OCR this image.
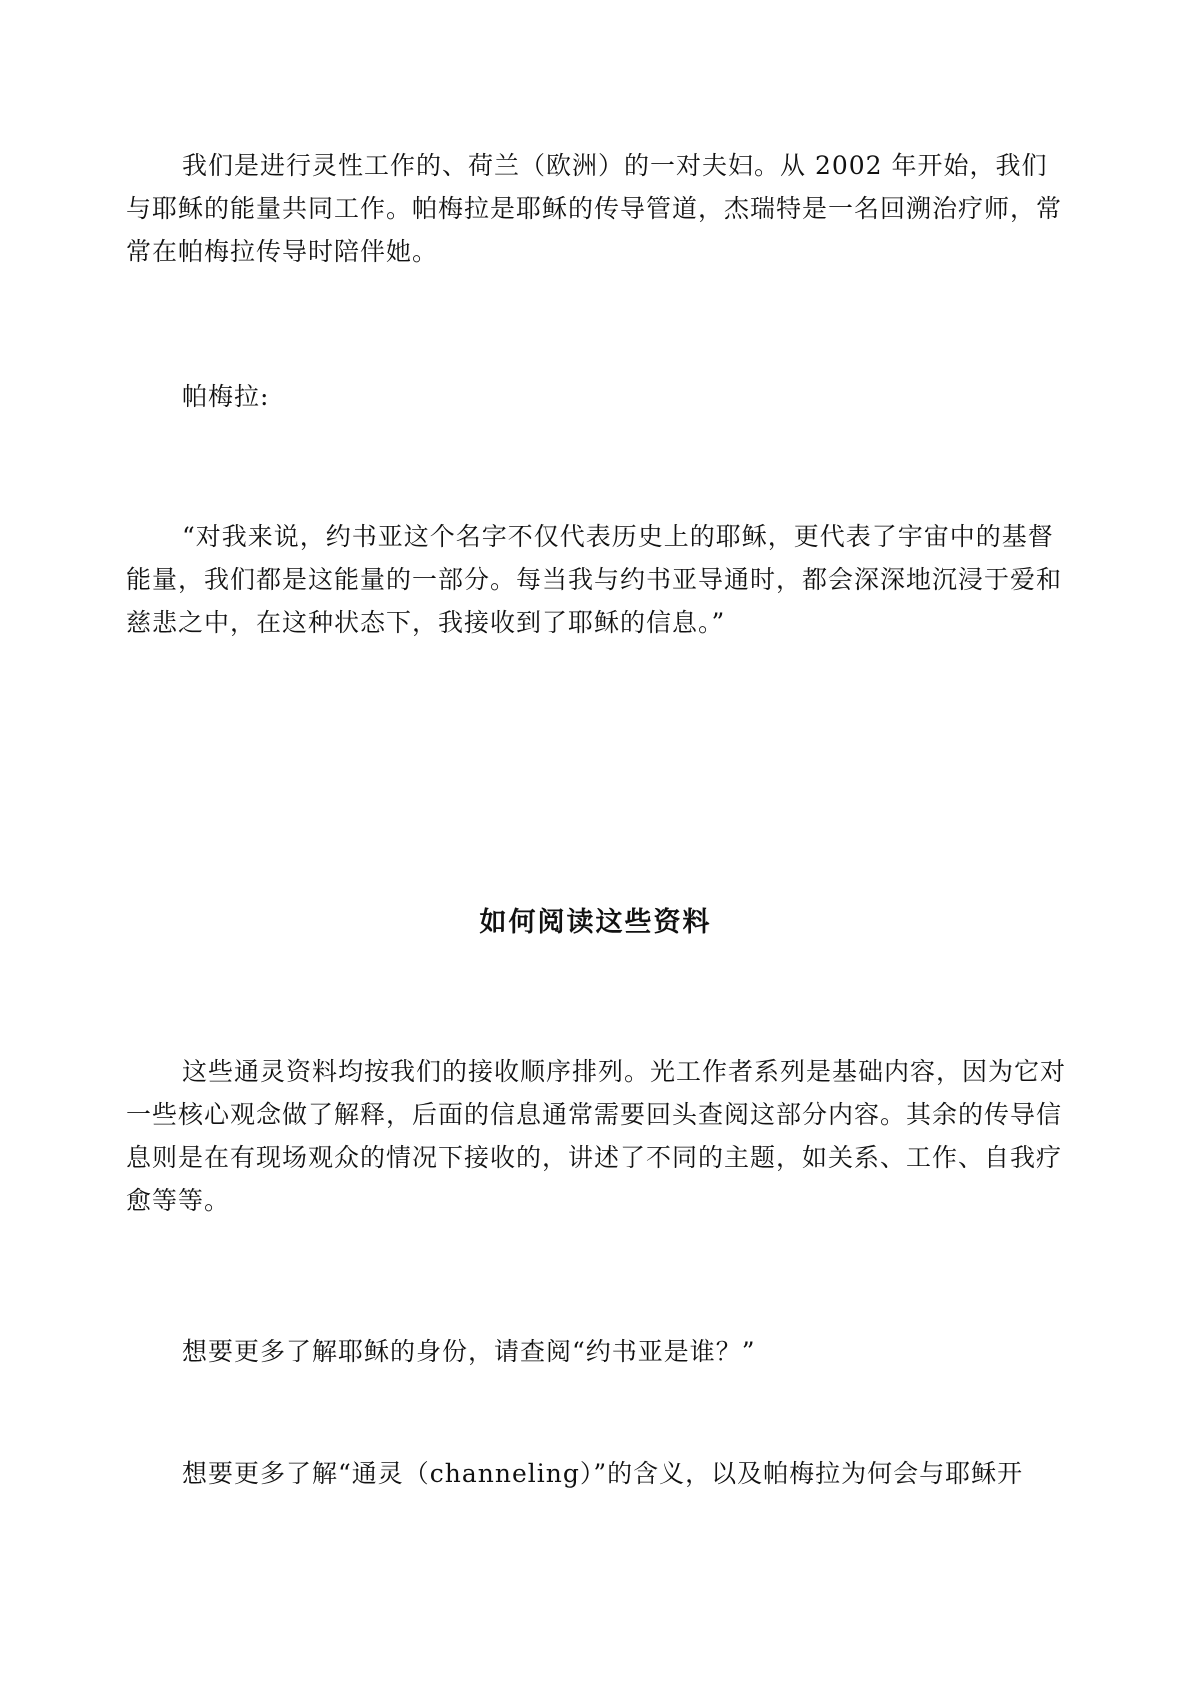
我们是进行灵性工作的、荷兰（欧洲）的一对夫妇。从 2002 年开始，我们与耶稣的能量共同工作。帕梅拉是耶稣的传导管道，杰瑞特是一名回溯治疗师，常常在帕梅拉传导时陪伴她。

帕梅拉:

“对我来说，约书亚这个名字不仅代表历史上的耶稣，更代表了宇宙中的基督能量，我们都是这能量的一部分。每当我与约书亚导通时，都会深深地沉浸于爱和慈悲之中，在这种状态下，我接收到了耶稣的信息。”

如何阅读这些资料

这些通灵资料均按我们的接收顺序排列。光工作者系列是基础内容，因为它对一些核心观念做了解释，后面的信息通常需要回头查阅这部分内容。其余的传导信息则是在有现场观众的情况下接收的，讲述了不同的主题，如关系、工作、自我疗愈等等。

想要更多了解耶稣的身份，请查阅“约书亚是谁？”

想要更多了解“通灵（channeling）”的含义，以及帕梅拉为何会与耶稣开
